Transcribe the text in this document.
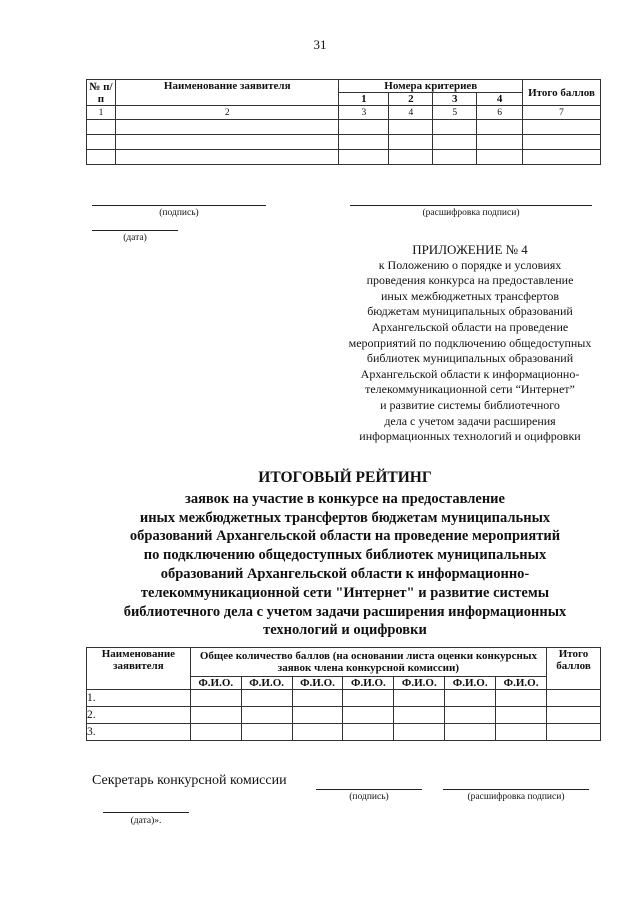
31
№ п/п	Наименование заявителя	Номера критериев				Итого баллов
		1	2	3	4	
1	2	3	4	5	6	7

(подпись)	(расшифровка подписи)
(дата)
ПРИЛОЖЕНИЕ № 4
к Положению о порядке и условиях
проведения конкурса на предоставление
иных межбюджетных трансфертов
бюджетам муниципальных образований
Архангельской области на проведение
мероприятий по подключению общедоступных
библиотек муниципальных образований
Архангельской области к информационно-
телекоммуникационной сети “Интернет”
и развитие системы библиотечного
дела с учетом задачи расширения
информационных технологий и оцифровки
ИТОГОВЫЙ РЕЙТИНГ
заявок на участие в конкурсе на предоставление
иных межбюджетных трансфертов бюджетам муниципальных
образований Архангельской области на проведение мероприятий
по подключению общедоступных библиотек муниципальных
образований Архангельской области к информационно-
телекоммуникационной сети "Интернет" и развитие системы
библиотечного дела с учетом задачи расширения информационных
технологий и оцифровки
Наименование заявителя	Общее количество баллов (на основании листа оценки конкурсных заявок члена конкурсной комиссии)							Итого баллов
	Ф.И.О.	Ф.И.О.	Ф.И.О.	Ф.И.О.	Ф.И.О.	Ф.И.О.	Ф.И.О.	
1.								
2.								
3.								
Секретарь конкурсной комиссии
(подпись)	(расшифровка подписи)
(дата)».
